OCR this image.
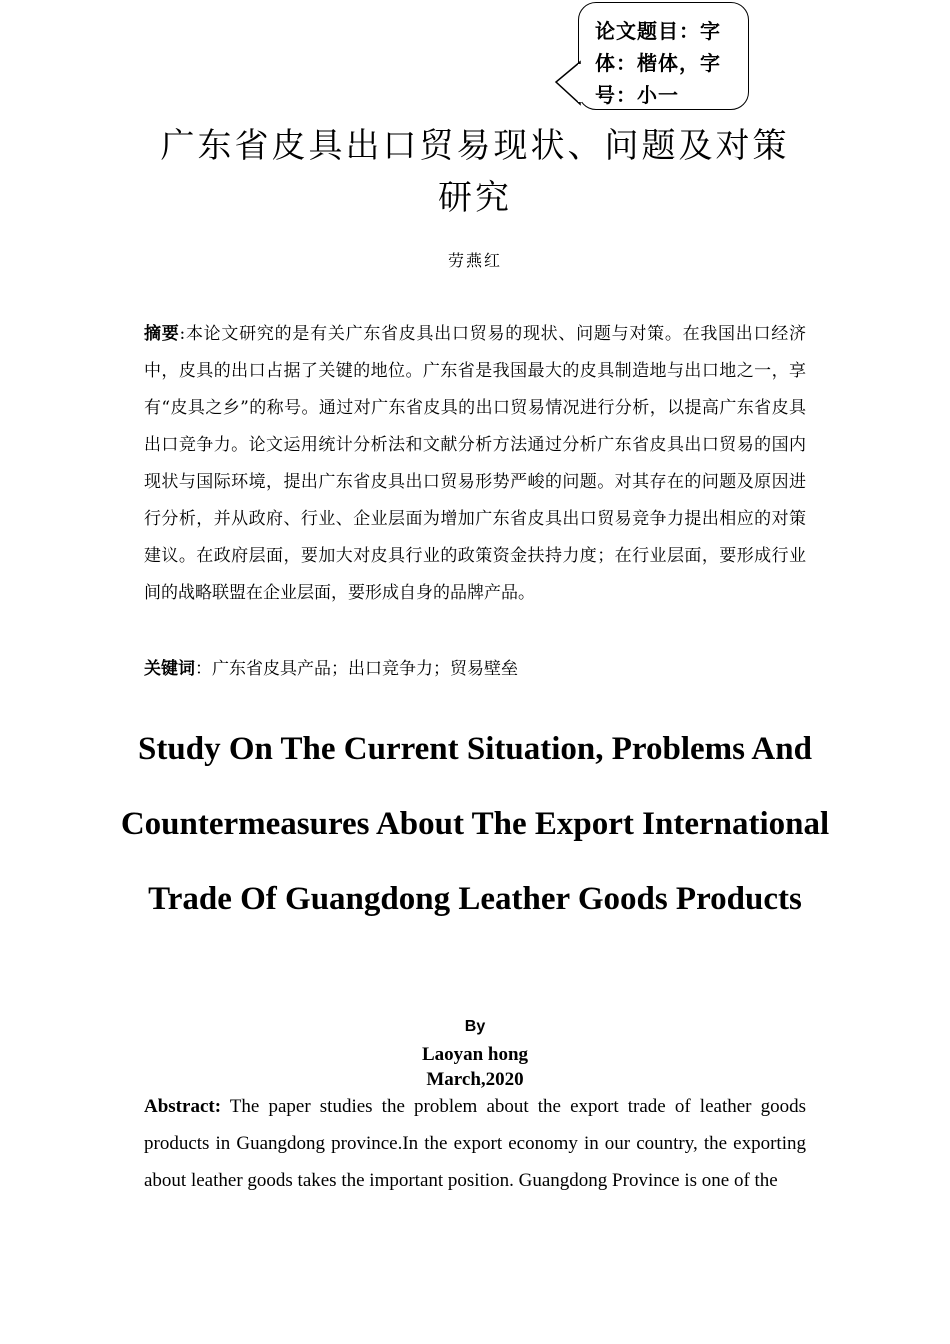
论文题目：字体：楷体，字号：小一
广东省皮具出口贸易现状、问题及对策研究
劳燕红
摘要:本论文研究的是有关广东省皮具出口贸易的现状、问题与对策。在我国出口经济中，皮具的出口占据了关键的地位。广东省是我国最大的皮具制造地与出口地之一，享有“皮具之乡”的称号。通过对广东省皮具的出口贸易情况进行分析，以提高广东省皮具出口竞争力。论文运用统计分析法和文献分析方法通过分析广东省皮具出口贸易的国内现状与国际环境，提出广东省皮具出口贸易形势严峻的问题。对其存在的问题及原因进行分析，并从政府、行业、企业层面为增加广东省皮具出口贸易竞争力提出相应的对策建议。在政府层面，要加大对皮具行业的政策资金扶持力度；在行业层面，要形成行业间的战略联盟在企业层面，要形成自身的品牌产品。
关键词：广东省皮具产品；出口竞争力；贸易壁垒
Study On The Current Situation, Problems And Countermeasures About The Export International Trade Of Guangdong Leather Goods Products
By
Laoyan hong
March,2020
Abstract: The paper studies the problem about the export trade of leather goods products in Guangdong province.In the export economy in our country, the exporting about leather goods takes the important position. Guangdong Province is one of the
